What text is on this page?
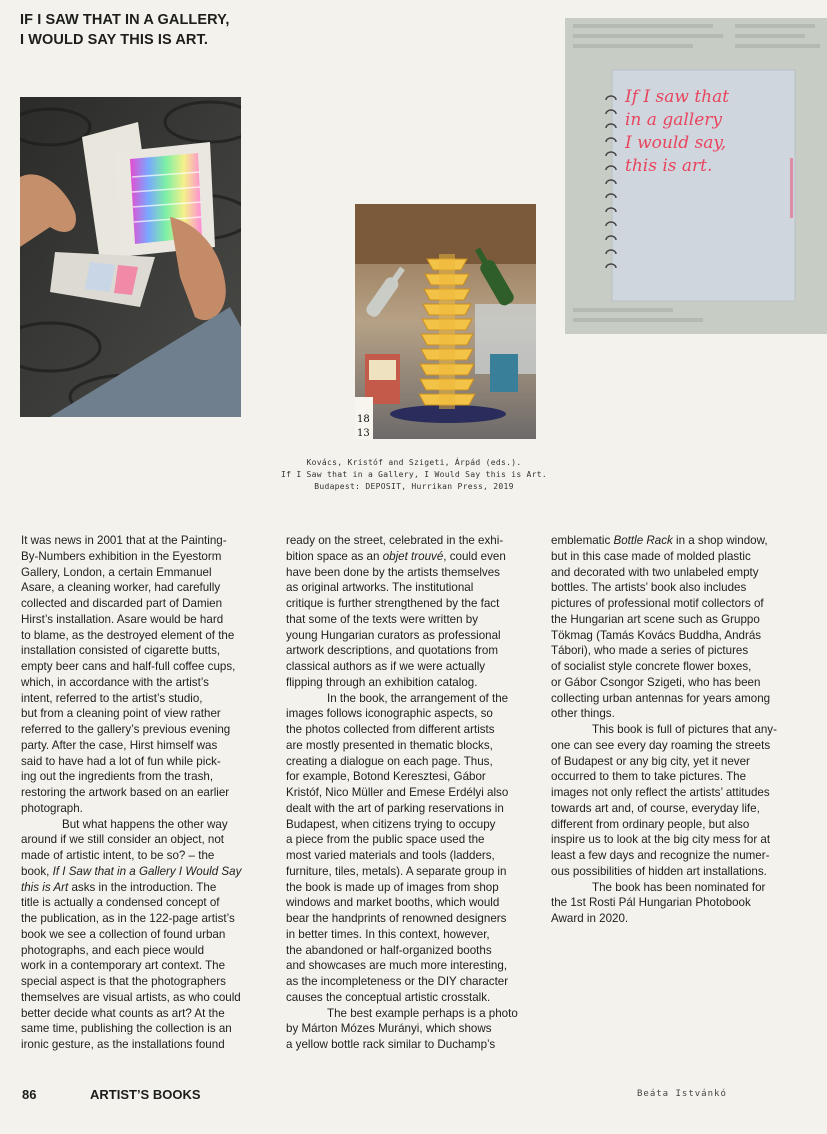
IF I SAW THAT IN A GALLERY,
I WOULD SAY THIS IS ART.
18
13
If I saw that
in a gallery
I would say,
this is art.
Kovács, Kristóf and Szigeti, Árpád (eds.).
If I Saw that in a Gallery, I Would Say this is Art.
Budapest: DEPOSIT, Hurrikan Press, 2019
It was news in 2001 that at the Painting-
By-Numbers exhibition in the Eyestorm
Gallery, London, a certain Emmanuel
Asare, a cleaning worker, had carefully
collected and discarded part of Damien
Hirst’s installation. Asare would be hard
to blame, as the destroyed element of the
installation consisted of cigarette butts,
empty beer cans and half-full coffee cups,
which, in accordance with the artist’s
intent, referred to the artist’s studio,
but from a cleaning point of view rather
referred to the gallery’s previous evening
party. After the case, Hirst himself was
said to have had a lot of fun while pick-
ing out the ingredients from the trash,
restoring the artwork based on an earlier
photograph.
But what happens the other way
around if we still consider an object, not
made of artistic intent, to be so? – the
book, If I Saw that in a Gallery I Would Say
this is Art asks in the introduction. The
title is actually a condensed concept of
the publication, as in the 122-page artist’s
book we see a collection of found urban
photographs, and each piece would
work in a contemporary art context. The
special aspect is that the photographers
themselves are visual artists, as who could
better decide what counts as art? At the
same time, publishing the collection is an
ironic gesture, as the installations found
ready on the street, celebrated in the exhi-
bition space as an objet trouvé, could even
have been done by the artists themselves
as original artworks. The institutional
critique is further strengthened by the fact
that some of the texts were written by
young Hungarian curators as professional
artwork descriptions, and quotations from
classical authors as if we were actually
flipping through an exhibition catalog.
In the book, the arrangement of the
images follows iconographic aspects, so
the photos collected from different artists
are mostly presented in thematic blocks,
creating a dialogue on each page. Thus,
for example, Botond Keresztesi, Gábor
Kristóf, Nico Müller and Emese Erdélyi also
dealt with the art of parking reservations in
Budapest, when citizens trying to occupy
a piece from the public space used the
most varied materials and tools (ladders,
furniture, tiles, metals). A separate group in
the book is made up of images from shop
windows and market booths, which would
bear the handprints of renowned designers
in better times. In this context, however,
the abandoned or half-organized booths
and showcases are much more interesting,
as the incompleteness or the DIY character
causes the conceptual artistic crosstalk.
The best example perhaps is a photo
by Márton Mózes Murányi, which shows
a yellow bottle rack similar to Duchamp’s
emblematic Bottle Rack in a shop window,
but in this case made of molded plastic
and decorated with two unlabeled empty
bottles. The artists’ book also includes
pictures of professional motif collectors of
the Hungarian art scene such as Gruppo
Tökmag (Tamás Kovács Buddha, András
Tábori), who made a series of pictures
of socialist style concrete flower boxes,
or Gábor Csongor Szigeti, who has been
collecting urban antennas for years among
other things.
This book is full of pictures that any-
one can see every day roaming the streets
of Budapest or any big city, yet it never
occurred to them to take pictures. The
images not only reflect the artists’ attitudes
towards art and, of course, everyday life,
different from ordinary people, but also
inspire us to look at the big city mess for at
least a few days and recognize the numer-
ous possibilities of hidden art installations.
The book has been nominated for
the 1st Rosti Pál Hungarian Photobook
Award in 2020.
86	ARTIST’S BOOKS	Beáta Istvánkó
